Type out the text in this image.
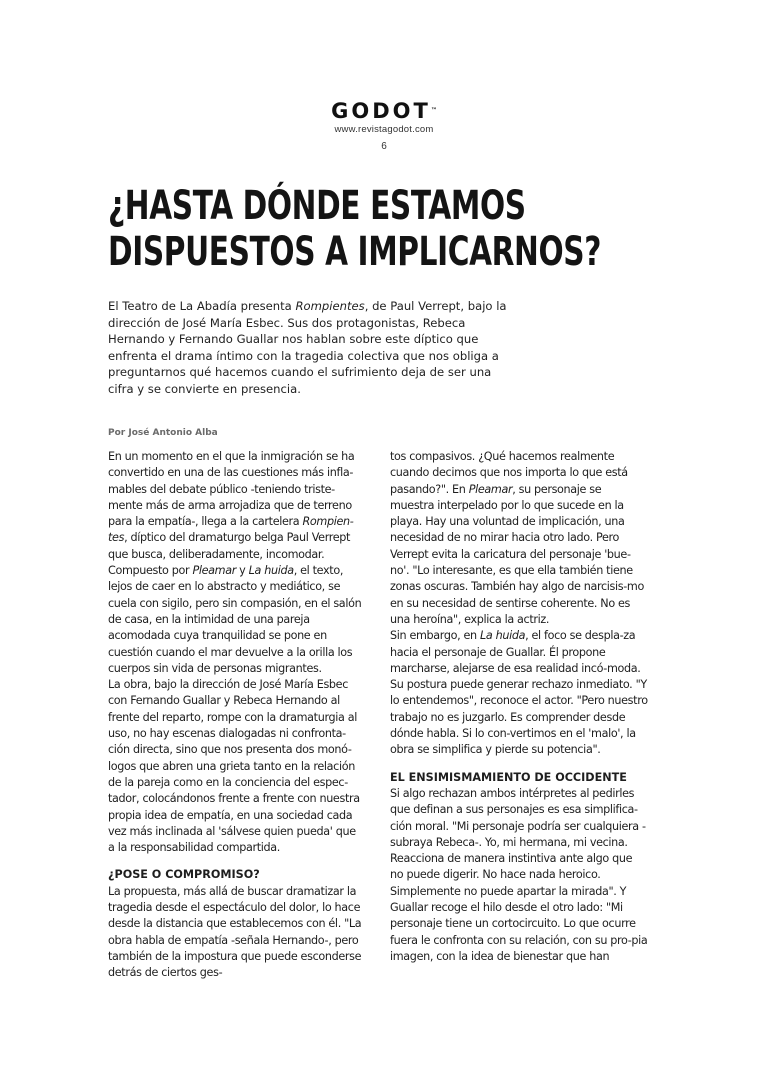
GODOT™
www.revistagodot.com
6
¿HASTA DÓNDE ESTAMOS
DISPUESTOS A IMPLICARNOS?

El Teatro de La Abadía presenta Rompientes, de Paul Verrept, bajo la dirección de José María Esbec. Sus dos protagonistas, Rebeca Hernando y Fernando Guallar nos hablan sobre este díptico que enfrenta el drama íntimo con la tragedia colectiva que nos obliga a preguntarnos qué hacemos cuando el sufrimiento deja de ser una cifra y se convierte en presencia.

Por José Antonio Alba

En un momento en el que la inmigración se ha convertido en una de las cuestiones más infla-mables del debate público -teniendo triste-mente más de arma arrojadiza que de terreno para la empatía-, llega a la cartelera Rompien-tes, díptico del dramaturgo belga Paul Verrept que busca, deliberadamente, incomodar. Compuesto por Pleamar y La huida, el texto, lejos de caer en lo abstracto y mediático, se cuela con sigilo, pero sin compasión, en el salón de casa, en la intimidad de una pareja acomodada cuya tranquilidad se pone en cuestión cuando el mar devuelve a la orilla los cuerpos sin vida de personas migrantes.

La obra, bajo la dirección de José María Esbec con Fernando Guallar y Rebeca Hernando al frente del reparto, rompe con la dramaturgia al uso, no hay escenas dialogadas ni confronta-ción directa, sino que nos presenta dos monó-logos que abren una grieta tanto en la relación de la pareja como en la conciencia del espec-tador, colocándonos frente a frente con nuestra propia idea de empatía, en una sociedad cada vez más inclinada al 'sálvese quien pueda' que a la responsabilidad compartida.

¿POSE O COMPROMISO?

La propuesta, más allá de buscar dramatizar la tragedia desde el espectáculo del dolor, lo hace desde la distancia que establecemos con él. "La obra habla de empatía -señala Hernando-, pero también de la impostura que puede esconderse detrás de ciertos ges-

tos compasivos. ¿Qué hacemos realmente cuando decimos que nos importa lo que está pasando?". En Pleamar, su personaje se muestra interpelado por lo que sucede en la playa. Hay una voluntad de implicación, una necesidad de no mirar hacia otro lado. Pero Verrept evita la caricatura del personaje 'bue-no'. "Lo interesante, es que ella también tiene zonas oscuras. También hay algo de narcisis-mo en su necesidad de sentirse coherente. No es una heroína", explica la actriz.

Sin embargo, en La huida, el foco se despla-za hacia el personaje de Guallar. Él propone marcharse, alejarse de esa realidad incó-moda. Su postura puede generar rechazo inmediato. "Y lo entendemos", reconoce el actor. "Pero nuestro trabajo no es juzgarlo. Es comprender desde dónde habla. Si lo con-vertimos en el 'malo', la obra se simplifica y pierde su potencia".

EL ENSIMISMAMIENTO DE OCCIDENTE

Si algo rechazan ambos intérpretes al pedirles que definan a sus personajes es esa simplifica-ción moral. "Mi personaje podría ser cualquiera -subraya Rebeca-. Yo, mi hermana, mi vecina. Reacciona de manera instintiva ante algo que no puede digerir. No hace nada heroico. Simplemente no puede apartar la mirada". Y Guallar recoge el hilo desde el otro lado: "Mi personaje tiene un cortocircuito. Lo que ocurre fuera le confronta con su relación, con su pro-pia imagen, con la idea de bienestar que han
